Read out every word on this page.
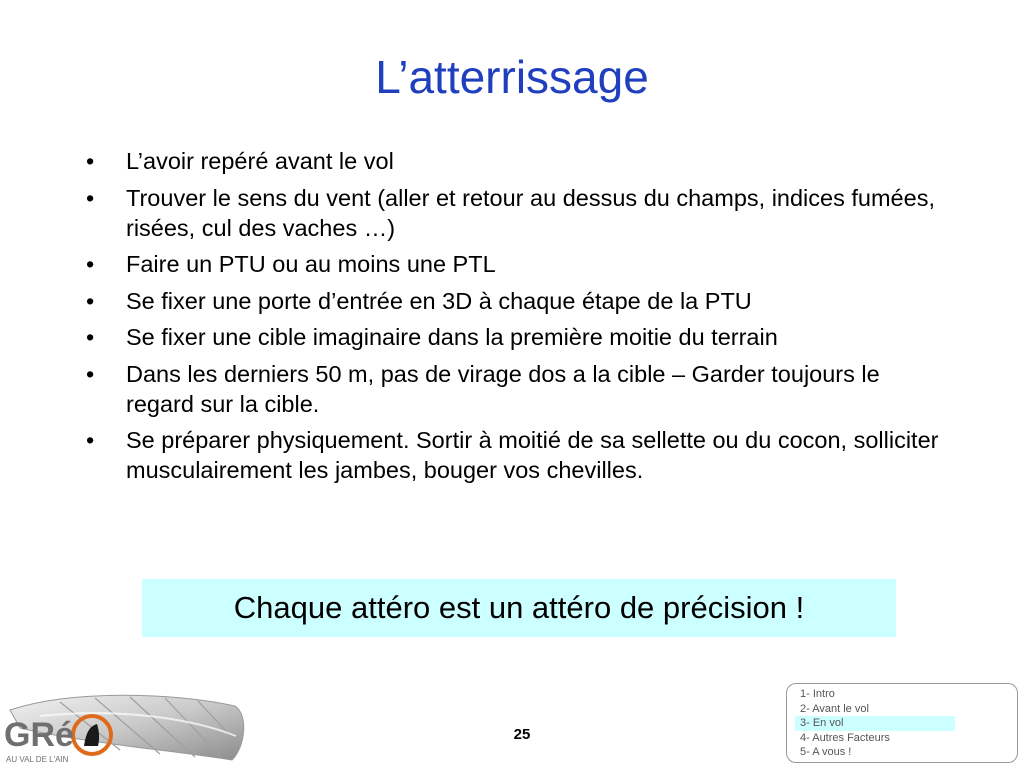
L’atterrissage
• L’avoir repéré avant le vol
• Trouver le sens du vent (aller et retour au dessus du champs, indices fumées, risées, cul des vaches …)
• Faire un PTU ou au moins une PTL
• Se fixer une porte d’entrée en 3D à chaque étape de la PTU
• Se fixer une cible imaginaire dans la première moitie du terrain
• Dans les derniers 50 m, pas de virage dos a la cible – Garder toujours le regard sur la cible.
• Se préparer physiquement. Sortir à moitié de sa sellette ou du cocon, solliciter musculairement les jambes, bouger vos chevilles.
Chaque attéro est un attéro de précision !
GRé
AU VAL DE L'AIN
25
1- Intro
2- Avant le vol
3- En vol
4- Autres Facteurs
5- A vous !
